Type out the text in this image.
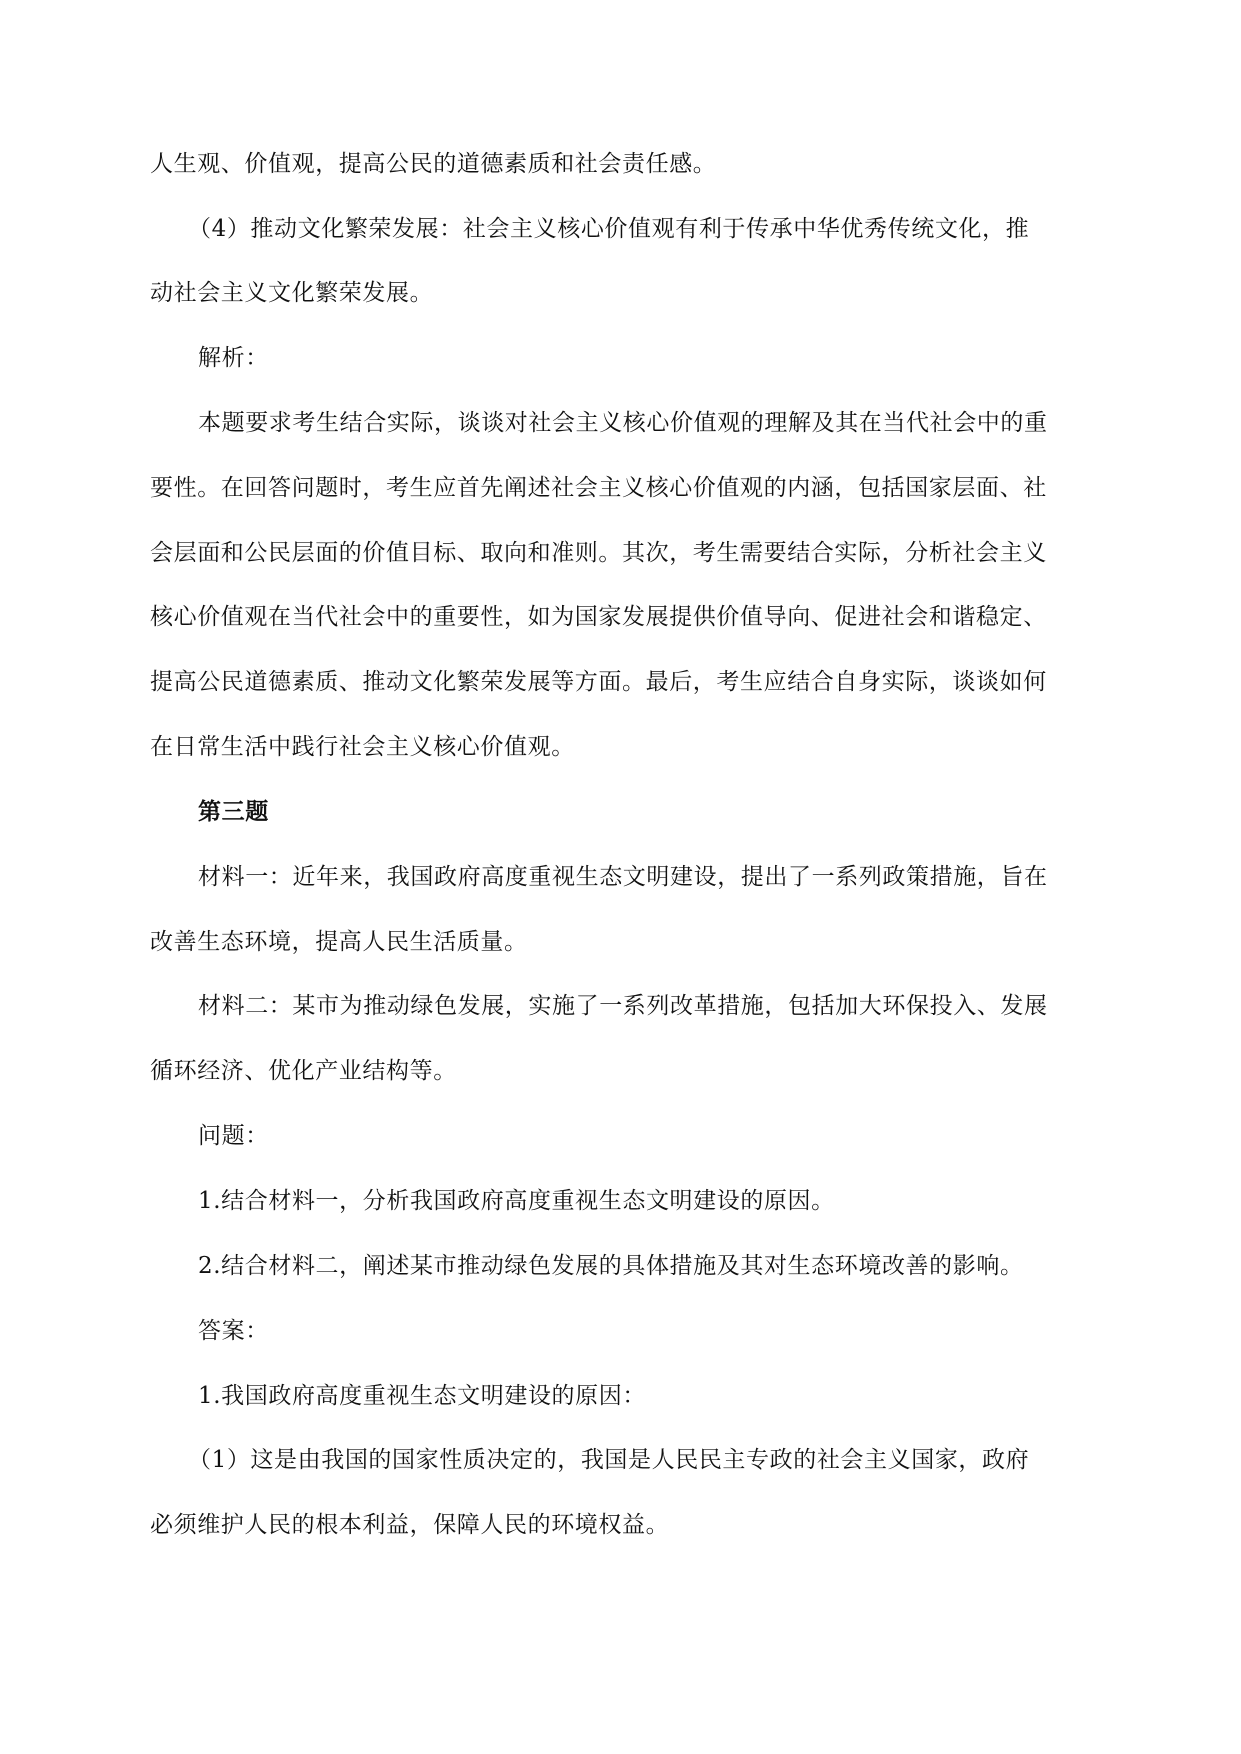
人生观、价值观，提高公民的道德素质和社会责任感。
（4）推动文化繁荣发展：社会主义核心价值观有利于传承中华优秀传统文化，推
动社会主义文化繁荣发展。
解析：
本题要求考生结合实际，谈谈对社会主义核心价值观的理解及其在当代社会中的重
要性。在回答问题时，考生应首先阐述社会主义核心价值观的内涵，包括国家层面、社
会层面和公民层面的价值目标、取向和准则。其次，考生需要结合实际，分析社会主义
核心价值观在当代社会中的重要性，如为国家发展提供价值导向、促进社会和谐稳定、
提高公民道德素质、推动文化繁荣发展等方面。最后，考生应结合自身实际，谈谈如何
在日常生活中践行社会主义核心价值观。
第三题
材料一：近年来，我国政府高度重视生态文明建设，提出了一系列政策措施，旨在
改善生态环境，提高人民生活质量。
材料二：某市为推动绿色发展，实施了一系列改革措施，包括加大环保投入、发展
循环经济、优化产业结构等。
问题：
1.结合材料一，分析我国政府高度重视生态文明建设的原因。
2.结合材料二，阐述某市推动绿色发展的具体措施及其对生态环境改善的影响。
答案：
1.我国政府高度重视生态文明建设的原因：
（1）这是由我国的国家性质决定的，我国是人民民主专政的社会主义国家，政府
必须维护人民的根本利益，保障人民的环境权益。
